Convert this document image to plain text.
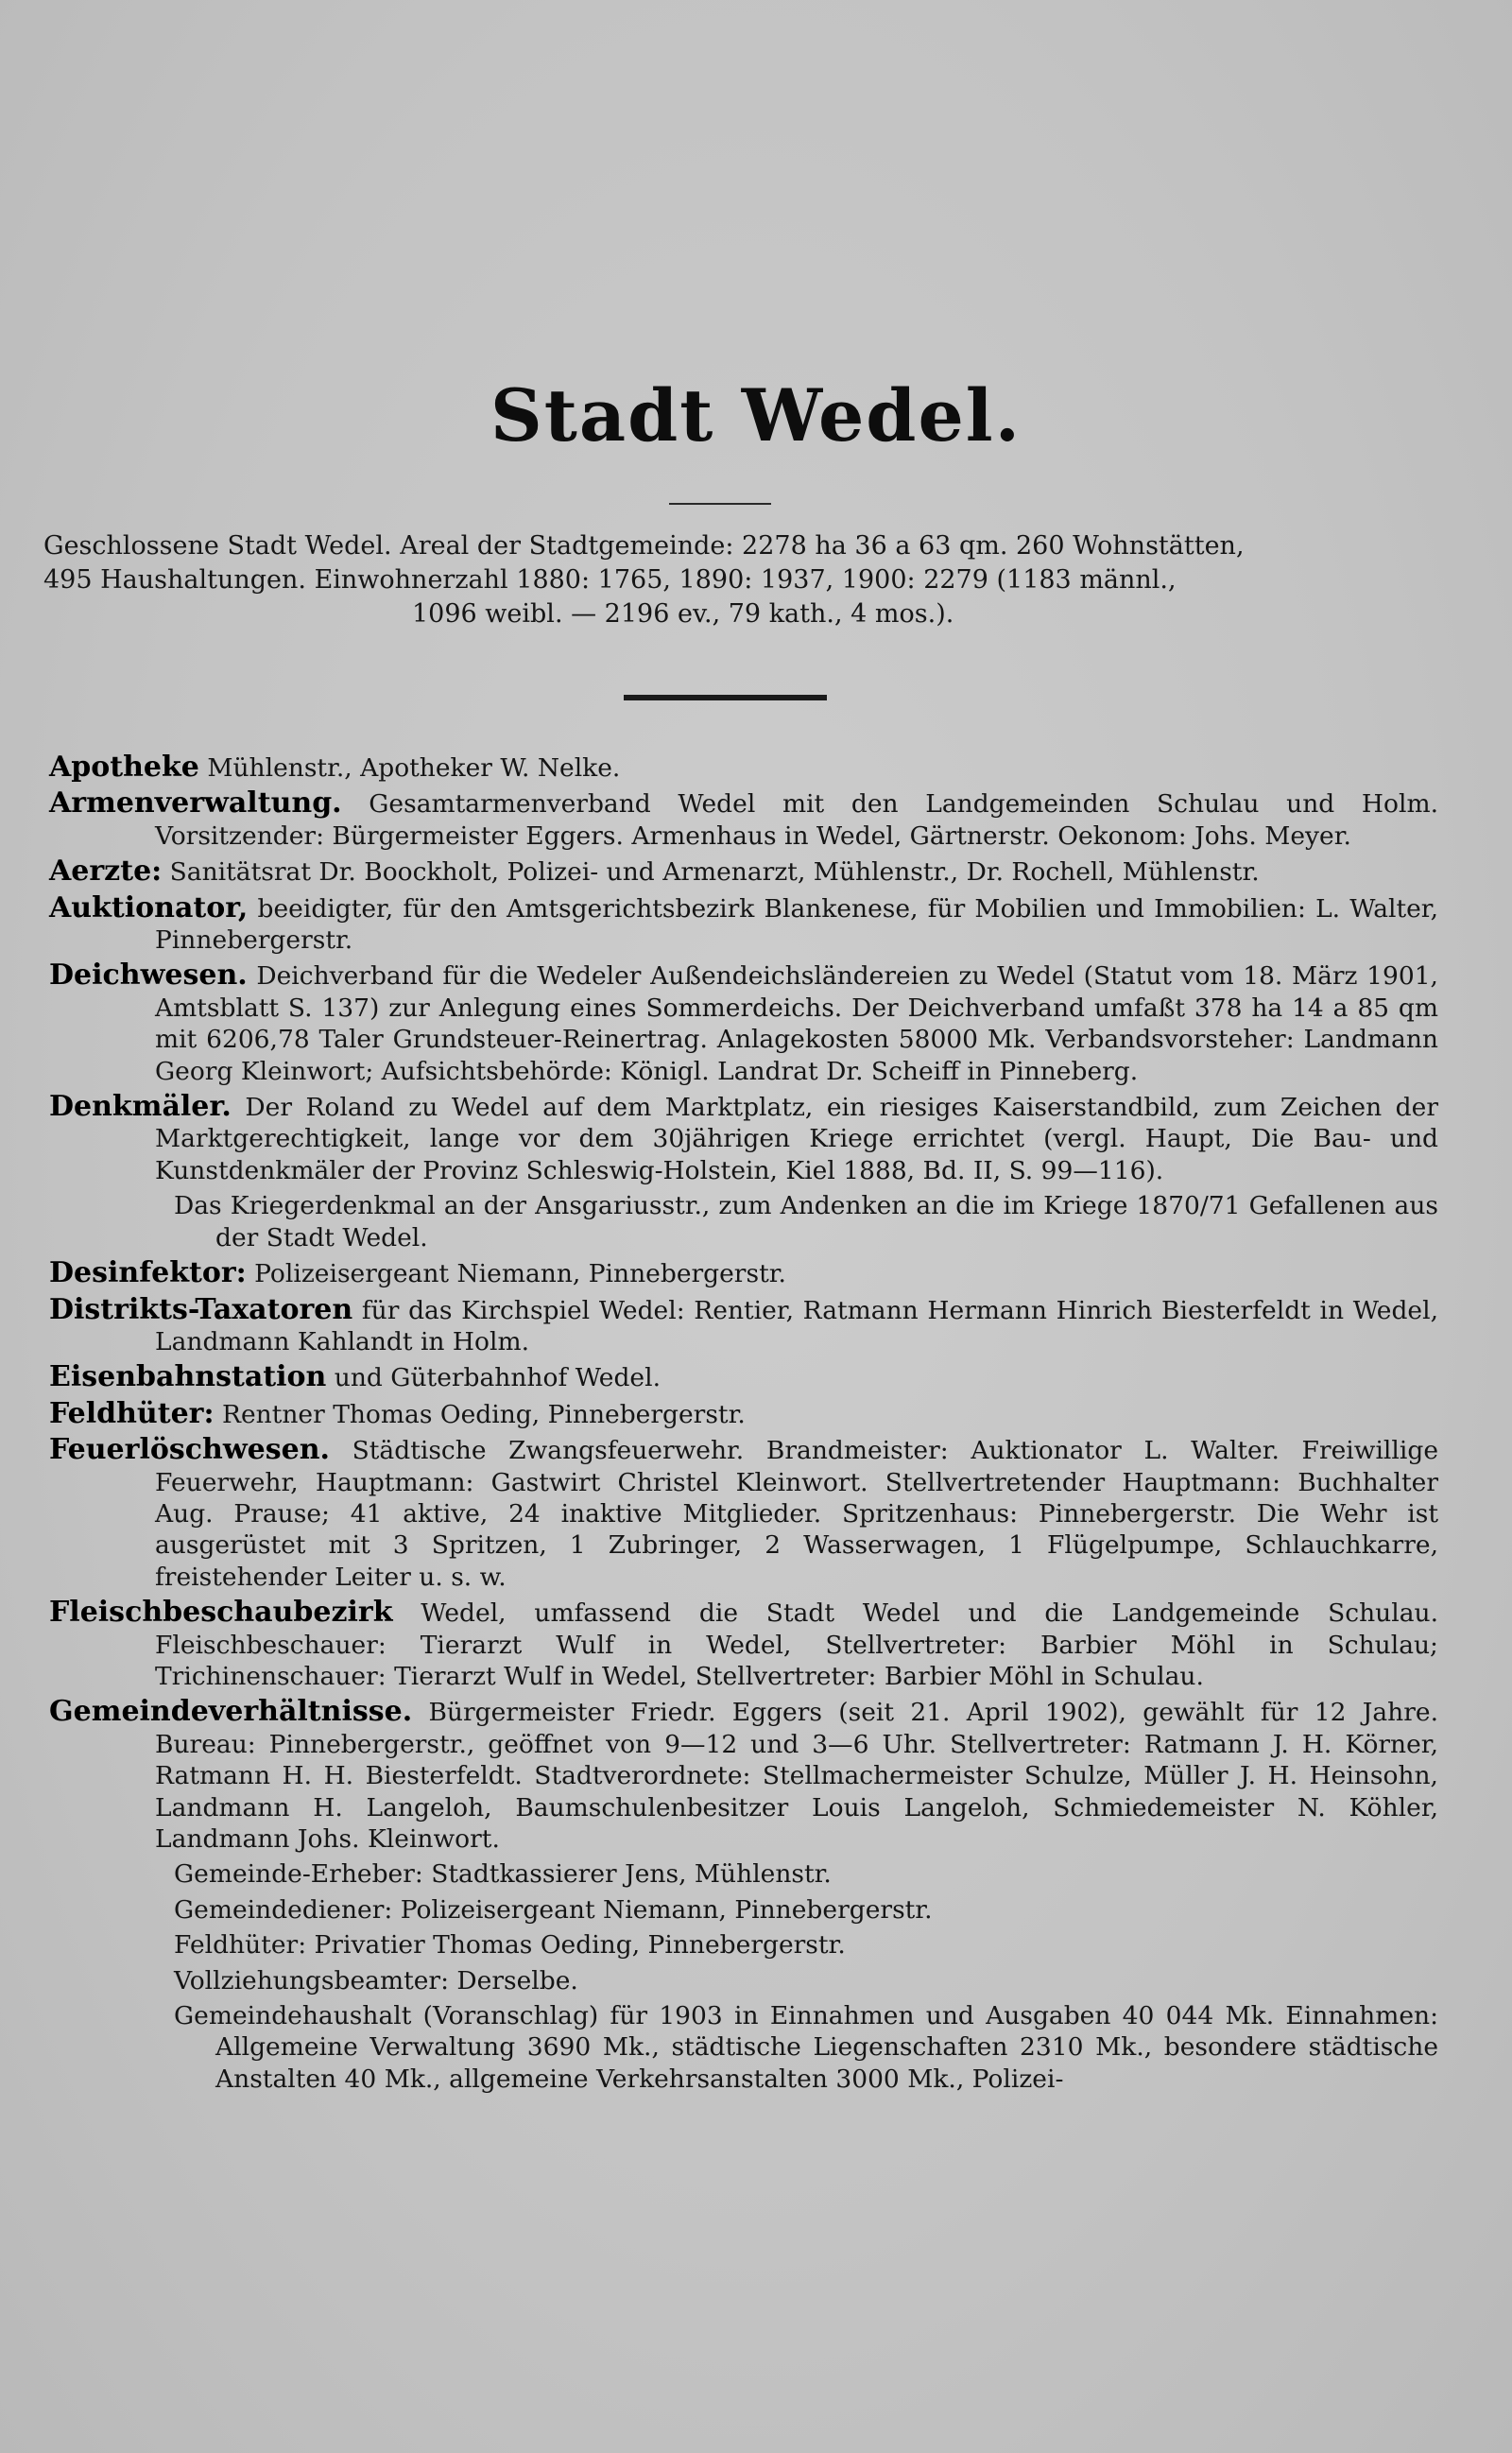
Stadt Wedel.
Geschlossene Stadt Wedel. Areal der Stadtgemeinde: 2278 ha 36 a 63 qm. 260 Wohnstätten,
495 Haushaltungen. Einwohnerzahl 1880: 1765, 1890: 1937, 1900: 2279 (1183 männl.,
1096 weibl. — 2196 ev., 79 kath., 4 mos.).

Apotheke Mühlenstr., Apotheker W. Nelke.

Armenverwaltung. Gesamtarmenverband Wedel mit den Landgemeinden Schulau und Holm. Vorsitzender: Bürgermeister Eggers. Armenhaus in Wedel, Gärtnerstr. Oekonom: Johs. Meyer.

Aerzte: Sanitätsrat Dr. Boockholt, Polizei- und Armenarzt, Mühlenstr., Dr. Rochell, Mühlenstr.

Auktionator, beeidigter, für den Amtsgerichtsbezirk Blankenese, für Mobilien und Immobilien: L. Walter, Pinnebergerstr.

Deichwesen. Deichverband für die Wedeler Außendeichsländereien zu Wedel (Statut vom 18. März 1901, Amtsblatt S. 137) zur Anlegung eines Sommerdeichs. Der Deichverband umfaßt 378 ha 14 a 85 qm mit 6206,78 Taler Grundsteuer-Reinertrag. Anlagekosten 58000 Mk. Verbandsvorsteher: Landmann Georg Kleinwort; Aufsichtsbehörde: Königl. Landrat Dr. Scheiff in Pinneberg.

Denkmäler. Der Roland zu Wedel auf dem Marktplatz, ein riesiges Kaiserstandbild, zum Zeichen der Marktgerechtigkeit, lange vor dem 30jährigen Kriege errichtet (vergl. Haupt, Die Bau- und Kunstdenkmäler der Provinz Schleswig-Holstein, Kiel 1888, Bd. II, S. 99—116).

Das Kriegerdenkmal an der Ansgariusstr., zum Andenken an die im Kriege 1870/71 Gefallenen aus der Stadt Wedel.

Desinfektor: Polizeisergeant Niemann, Pinnebergerstr.

Distrikts-Taxatoren für das Kirchspiel Wedel: Rentier, Ratmann Hermann Hinrich Biesterfeldt in Wedel, Landmann Kahlandt in Holm.

Eisenbahnstation und Güterbahnhof Wedel.

Feldhüter: Rentner Thomas Oeding, Pinnebergerstr.

Feuerlöschwesen. Städtische Zwangsfeuerwehr. Brandmeister: Auktionator L. Walter. Freiwillige Feuerwehr, Hauptmann: Gastwirt Christel Kleinwort. Stellvertretender Hauptmann: Buchhalter Aug. Prause; 41 aktive, 24 inaktive Mitglieder. Spritzenhaus: Pinnebergerstr. Die Wehr ist ausgerüstet mit 3 Spritzen, 1 Zubringer, 2 Wasserwagen, 1 Flügelpumpe, Schlauchkarre, freistehender Leiter u. s. w.

Fleischbeschaubezirk Wedel, umfassend die Stadt Wedel und die Landgemeinde Schulau. Fleischbeschauer: Tierarzt Wulf in Wedel, Stellvertreter: Barbier Möhl in Schulau; Trichinenschauer: Tierarzt Wulf in Wedel, Stellvertreter: Barbier Möhl in Schulau.

Gemeindeverhältnisse. Bürgermeister Friedr. Eggers (seit 21. April 1902), gewählt für 12 Jahre. Bureau: Pinnebergerstr., geöffnet von 9—12 und 3—6 Uhr. Stellvertreter: Ratmann J. H. Körner, Ratmann H. H. Biesterfeldt. Stadtverordnete: Stellmachermeister Schulze, Müller J. H. Heinsohn, Landmann H. Langeloh, Baumschulenbesitzer Louis Langeloh, Schmiedemeister N. Köhler, Landmann Johs. Kleinwort.

Gemeinde-Erheber: Stadtkassierer Jens, Mühlenstr.

Gemeindediener: Polizeisergeant Niemann, Pinnebergerstr.

Feldhüter: Privatier Thomas Oeding, Pinnebergerstr.

Vollziehungsbeamter: Derselbe.

Gemeindehaushalt (Voranschlag) für 1903 in Einnahmen und Ausgaben 40 044 Mk. Einnahmen: Allgemeine Verwaltung 3690 Mk., städtische Liegenschaften 2310 Mk., besondere städtische Anstalten 40 Mk., allgemeine Verkehrsanstalten 3000 Mk., Polizei-
